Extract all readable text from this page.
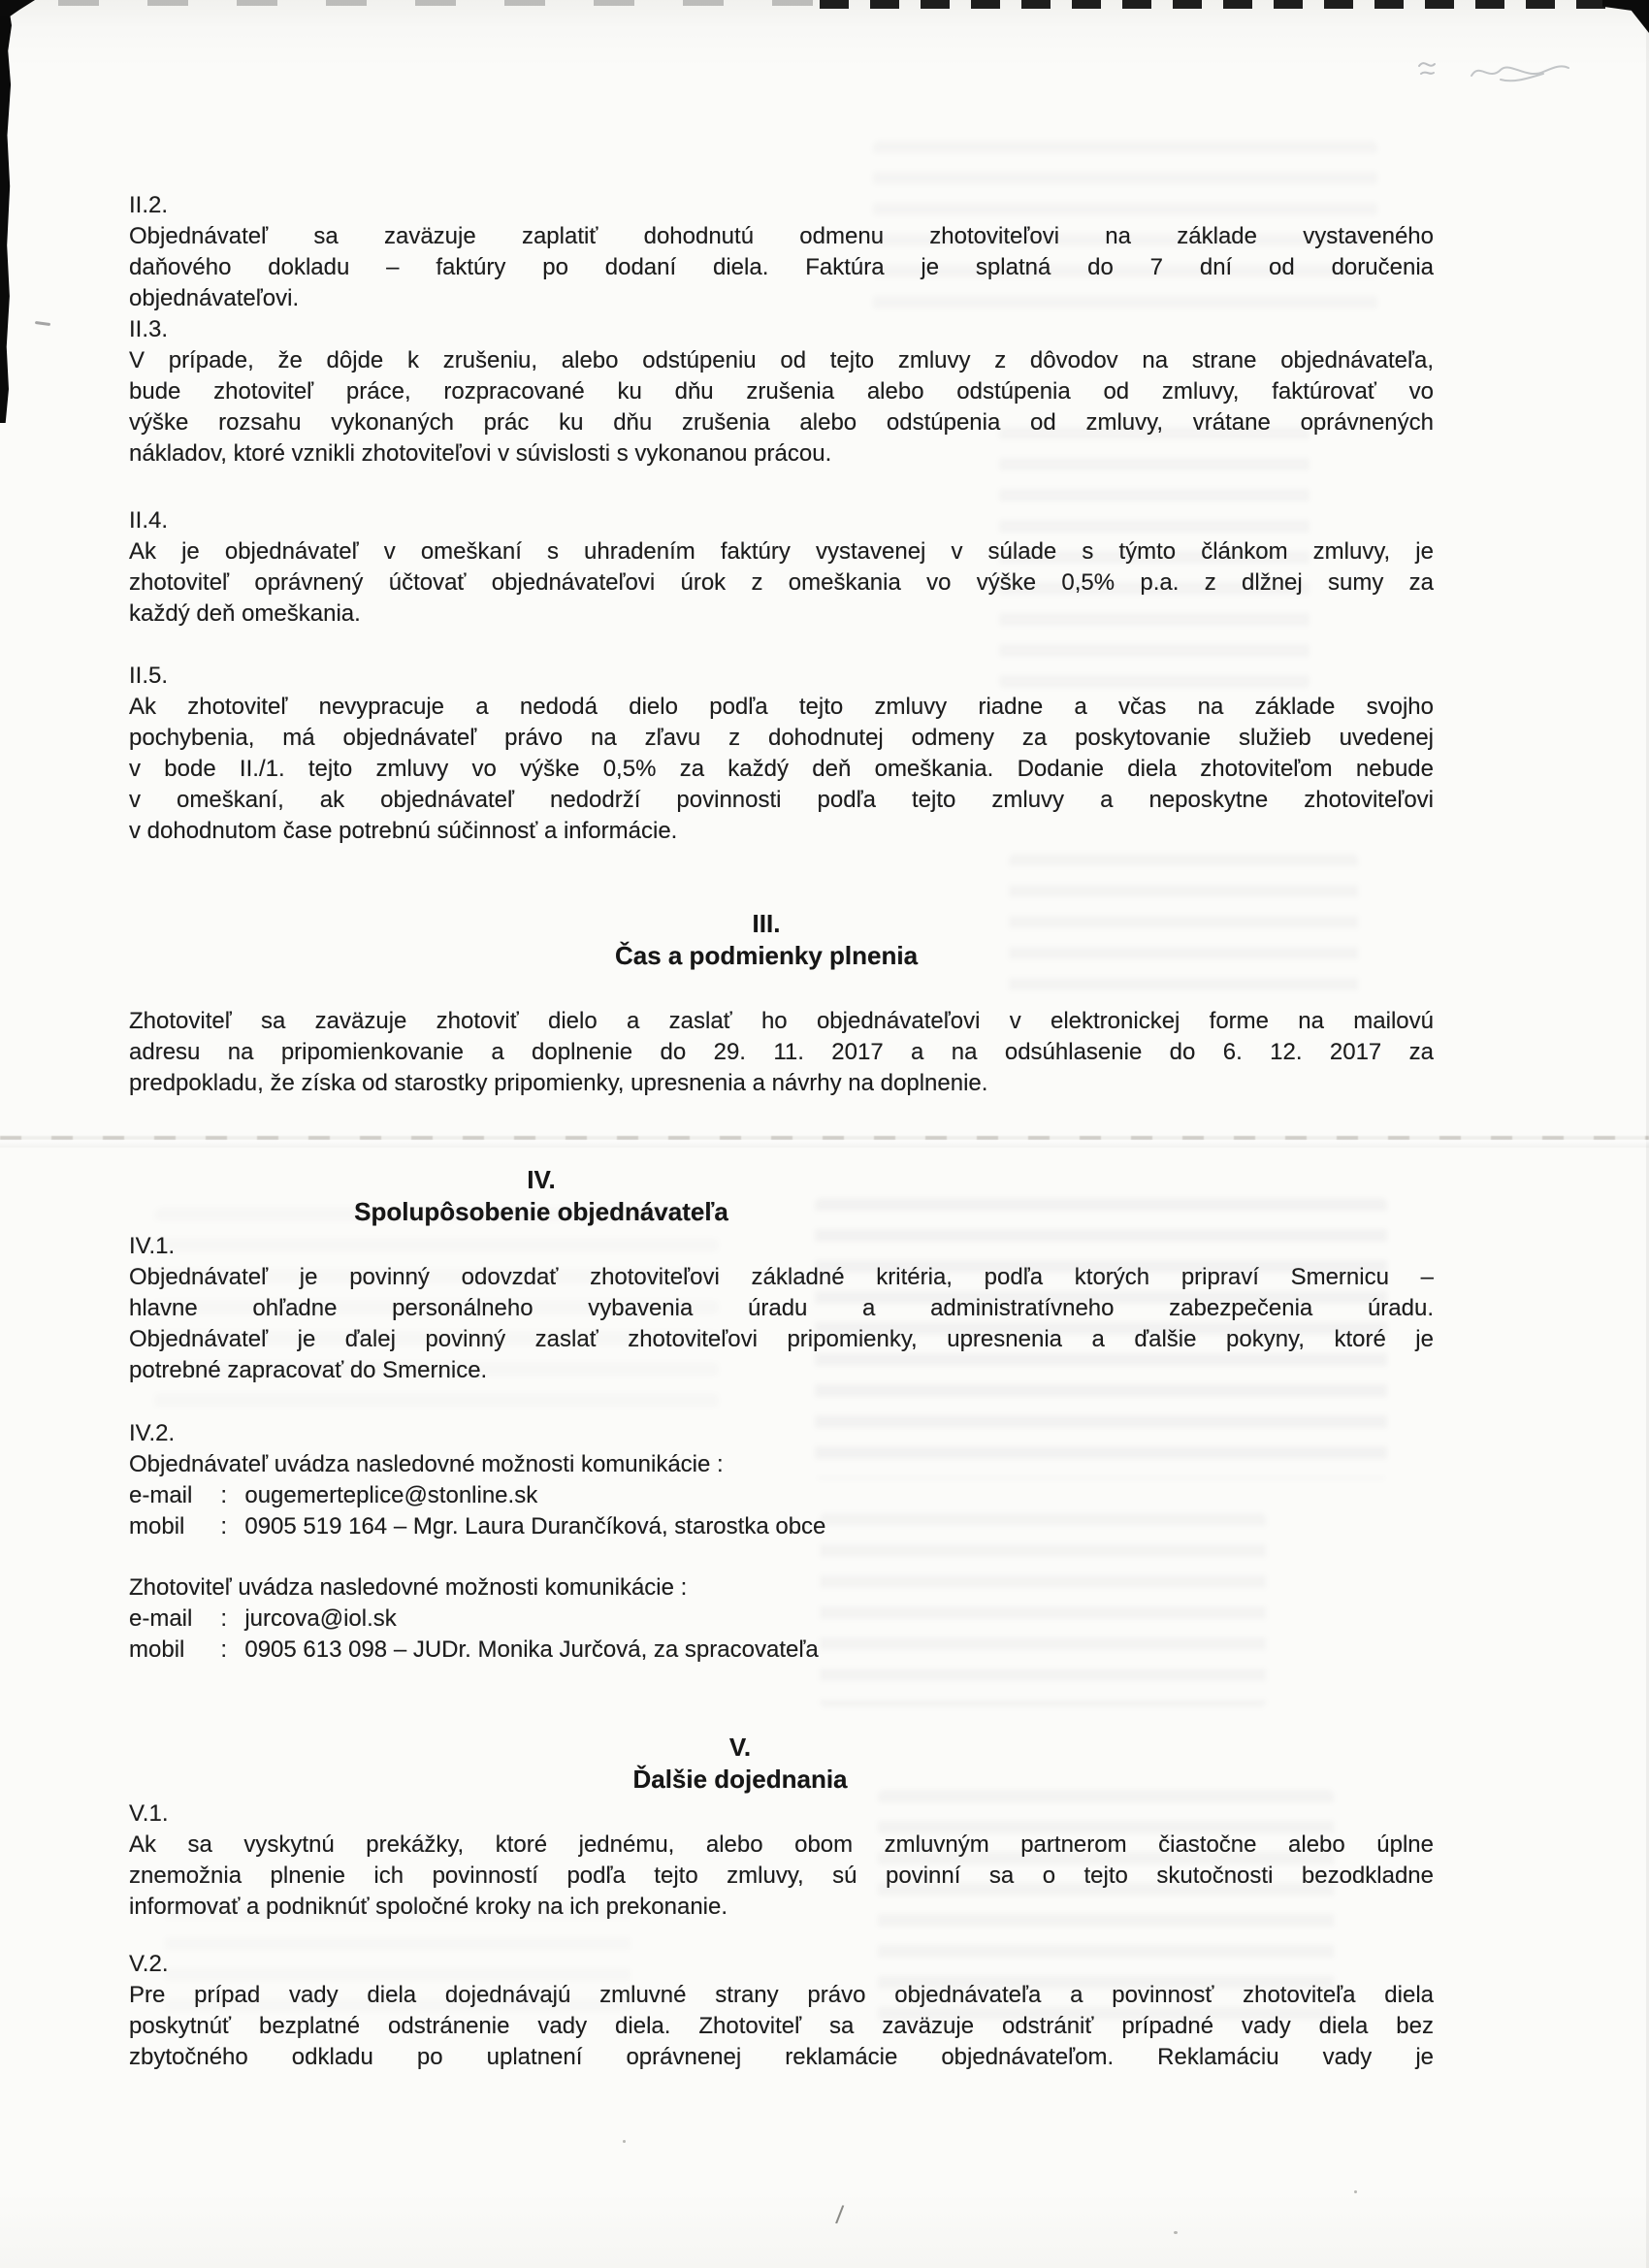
II.2.
Objednávateľ sa zaväzuje zaplatiť dohodnutú odmenu zhotoviteľovi na základe vystaveného
daňového dokladu – faktúry po dodaní diela. Faktúra je splatná do 7 dní od doručenia
objednávateľovi.
II.3.
V prípade, že dôjde k zrušeniu, alebo odstúpeniu od tejto zmluvy z dôvodov na strane objednávateľa,
bude zhotoviteľ práce, rozpracované ku dňu zrušenia alebo odstúpenia od zmluvy, faktúrovať vo
výške rozsahu vykonaných prác ku dňu zrušenia alebo odstúpenia od zmluvy, vrátane oprávnených
nákladov, ktoré vznikli zhotoviteľovi v súvislosti s vykonanou prácou.
II.4.
Ak je objednávateľ v omeškaní s uhradením faktúry vystavenej v súlade s týmto článkom zmluvy, je
zhotoviteľ oprávnený účtovať objednávateľovi úrok z omeškania vo výške 0,5% p.a. z dlžnej sumy za
každý deň omeškania.
II.5.
Ak zhotoviteľ nevypracuje a nedodá dielo podľa tejto zmluvy riadne a včas na základe svojho
pochybenia, má objednávateľ právo na zľavu z dohodnutej odmeny za poskytovanie služieb uvedenej
v bode II./1. tejto zmluvy vo výške 0,5% za každý deň omeškania. Dodanie diela zhotoviteľom nebude
v omeškaní, ak objednávateľ nedodrží povinnosti podľa tejto zmluvy a neposkytne zhotoviteľovi
v dohodnutom čase potrebnú súčinnosť a informácie.
III.
Čas a podmienky plnenia
Zhotoviteľ sa zaväzuje zhotoviť dielo a zaslať ho objednávateľovi v elektronickej forme na mailovú
adresu na pripomienkovanie a doplnenie do 29. 11. 2017 a na odsúhlasenie do 6. 12. 2017 za
predpokladu, že získa od starostky pripomienky, upresnenia a návrhy na doplnenie.
IV.
Spolupôsobenie objednávateľa
IV.1.
Objednávateľ je povinný odovzdať zhotoviteľovi základné kritéria, podľa ktorých pripraví Smernicu –
hlavne ohľadne personálneho vybavenia úradu a administratívneho zabezpečenia úradu.
Objednávateľ je ďalej povinný zaslať zhotoviteľovi pripomienky, upresnenia a ďalšie pokyny, ktoré je
potrebné zapracovať do Smernice.
IV.2.
Objednávateľ uvádza nasledovné možnosti komunikácie :
e-mail : ougemerteplice@stonline.sk
mobil : 0905 519 164 – Mgr. Laura Durančíková, starostka obce
Zhotoviteľ uvádza nasledovné možnosti komunikácie :
e-mail : jurcova@iol.sk
mobil : 0905 613 098 – JUDr. Monika Jurčová, za spracovateľa
V.
Ďalšie dojednania
V.1.
Ak sa vyskytnú prekážky, ktoré jednému, alebo obom zmluvným partnerom čiastočne alebo úplne
znemožnia plnenie ich povinností podľa tejto zmluvy, sú povinní sa o tejto skutočnosti bezodkladne
informovať a podniknúť spoločné kroky na ich prekonanie.
V.2.
Pre prípad vady diela dojednávajú zmluvné strany právo objednávateľa a povinnosť zhotoviteľa diela
poskytnúť bezplatné odstránenie vady diela. Zhotoviteľ sa zaväzuje odstrániť prípadné vady diela bez
zbytočného odkladu po uplatnení oprávnenej reklamácie objednávateľom. Reklamáciu vady je
/
